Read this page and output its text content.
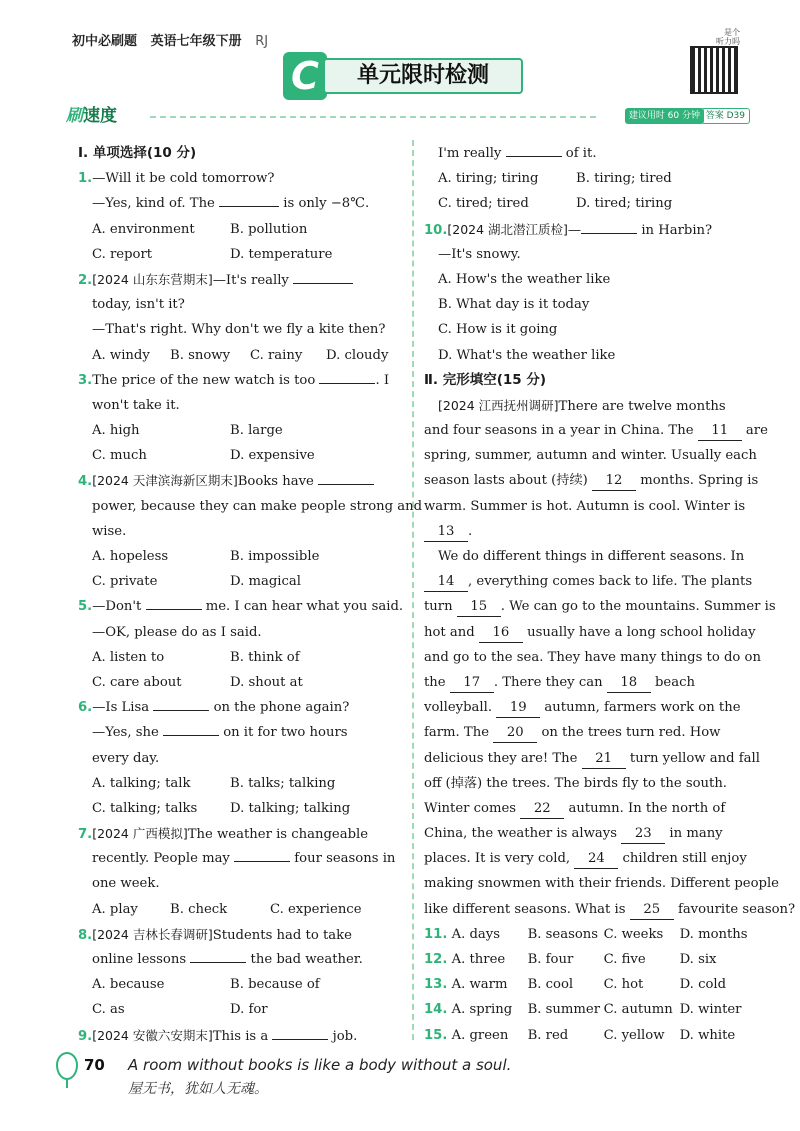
初中必刷题 英语七年级下册 RJ
C	单元限时检测
是个
听力吗
刷速度	建议用时 60 分钟 答案 D39
Ⅰ. 单项选择(10 分)
1.—Will it be cold tomorrow?
—Yes, kind of. The	is only −8℃.
A. environment	B. pollution
C. report	D. temperature
2.[2024 山东东营期末]—It's really
today, isn't it?
—That's right. Why don't we fly a kite then?
A. windy B. snowy C. rainy D. cloudy
3.The price of the new watch is too	. I
won't take it.
A. high	B. large
C. much	D. expensive
4.[2024 天津滨海新区期末]Books have
power, because they can make people strong and
wise.
A. hopeless	B. impossible
C. private	D. magical
5.—Don't	me. I can hear what you said.
—OK, please do as I said.
A. listen to	B. think of
C. care about	D. shout at
6.—Is Lisa	on the phone again?
—Yes, she	on it for two hours
every day.
A. talking; talk	B. talks; talking
C. talking; talks D. talking; talking
7.[2024 广西模拟]The weather is changeable
recently. People may	four seasons in
one week.
A. play B. check	C. experience
8.[2024 吉林长春调研]Students had to take
online lessons	the bad weather.
A. because	B. because of
C. as	D. for
9.[2024 安徽六安期末]This is a	job.
I'm really	of it.
A. tiring; tiring	B. tiring; tired
C. tired; tired	D. tired; tiring
10.[2024 湖北潜江质检]—	in Harbin?
—It's snowy.
A. How's the weather like
B. What day is it today
C. How is it going
D. What's the weather like
Ⅱ. 完形填空(15 分)
[2024 江西抚州调研]There are twelve months
and four seasons in a year in China. The 11 are
spring, summer, autumn and winter. Usually each
season lasts about (持续) 12 months. Spring is
warm. Summer is hot. Autumn is cool. Winter is
13 .
We do different things in different seasons. In
14 , everything comes back to life. The plants
turn 15 . We can go to the mountains. Summer is
hot and 16 usually have a long school holiday
and go to the sea. They have many things to do on
the 17 . There they can 18 beach
volleyball. 19 autumn, farmers work on the
farm. The 20 on the trees turn red. How
delicious they are! The 21 turn yellow and fall
off (掉落) the trees. The birds fly to the south.
Winter comes 22 autumn. In the north of
China, the weather is always 23 in many
places. It is very cold, 24 children still enjoy
making snowmen with their friends. Different people
like different seasons. What is 25 favourite season?
11. A. days B. seasons C. weeks D. months
12. A. three B. four C. five	D. six
13. A. warm B. cool C. hot	D. cold
14. A. spring B. summer C. autumn D. winter
15. A. green B. red	C. yellow D. white
70 A room without books is like a body without a soul.
屋无书，犹如人无魂。
